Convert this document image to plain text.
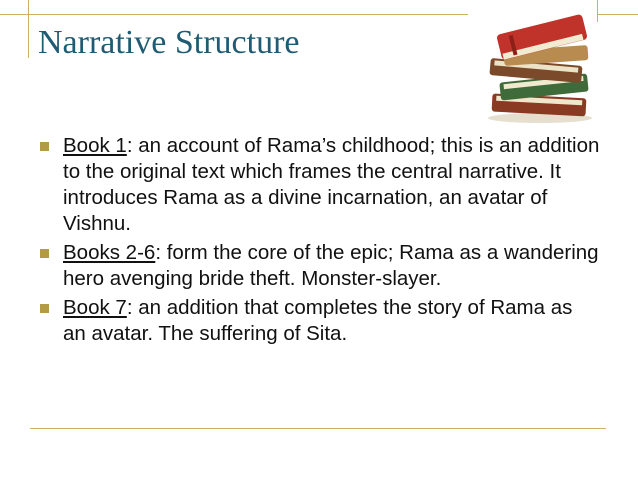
Narrative Structure
Book 1: an account of Rama’s childhood; this is an addition to the original text which frames the central narrative. It introduces Rama as a divine incarnation, an avatar of Vishnu.
Books 2-6: form the core of the epic; Rama as a wandering hero avenging bride theft. Monster-slayer.
Book 7: an addition that completes the story of Rama as an avatar. The suffering of Sita.
